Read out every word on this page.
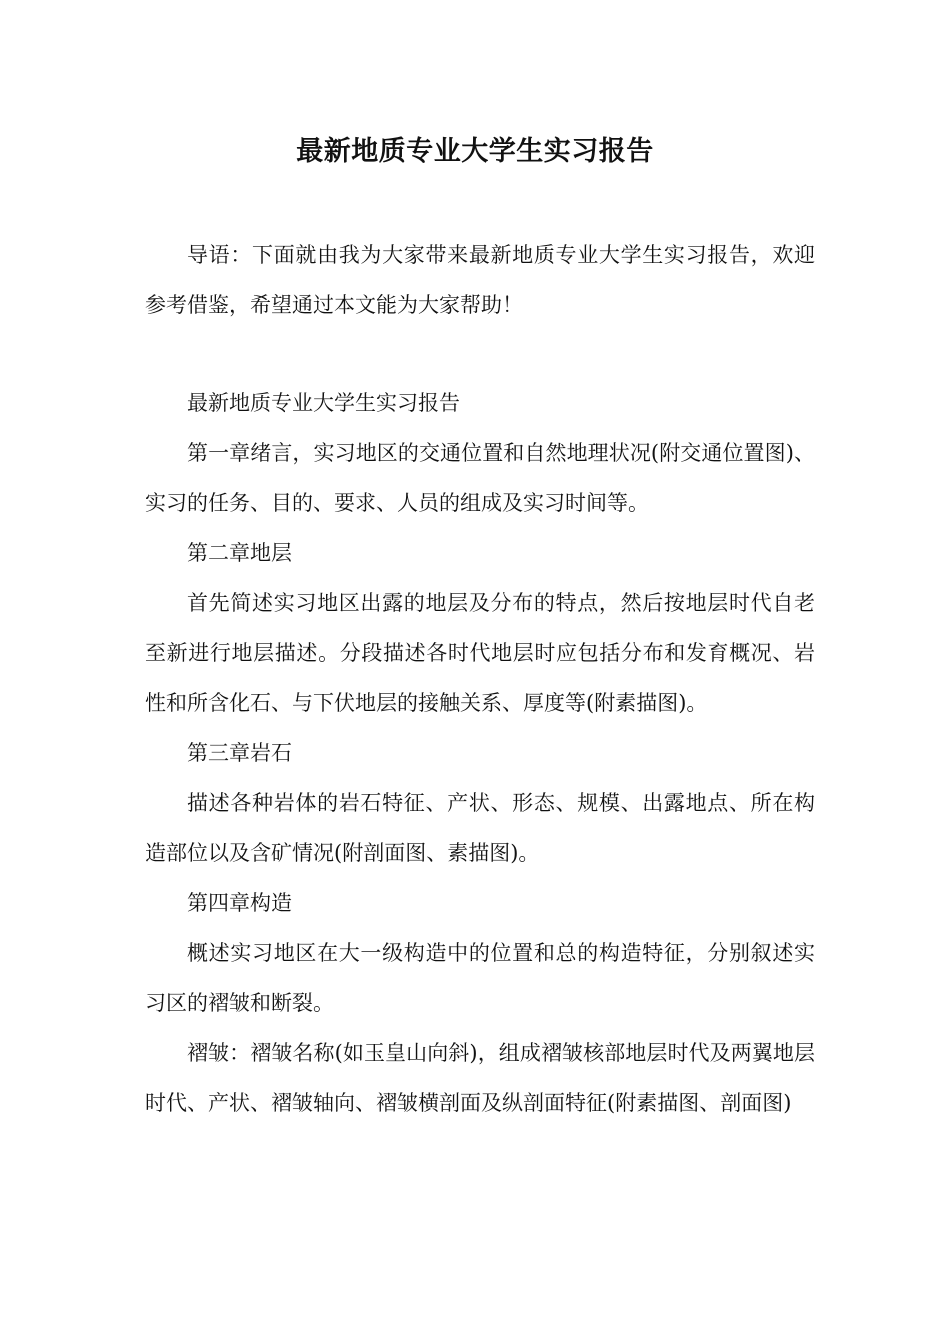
最新地质专业大学生实习报告

导语：下面就由我为大家带来最新地质专业大学生实习报告，欢迎参考借鉴，希望通过本文能为大家帮助！

最新地质专业大学生实习报告

第一章绪言，实习地区的交通位置和自然地理状况(附交通位置图)、实习的任务、目的、要求、人员的组成及实习时间等。

第二章地层

首先简述实习地区出露的地层及分布的特点，然后按地层时代自老至新进行地层描述。分段描述各时代地层时应包括分布和发育概况、岩性和所含化石、与下伏地层的接触关系、厚度等(附素描图)。

第三章岩石

描述各种岩体的岩石特征、产状、形态、规模、出露地点、所在构造部位以及含矿情况(附剖面图、素描图)。

第四章构造

概述实习地区在大一级构造中的位置和总的构造特征，分别叙述实习区的褶皱和断裂。

褶皱：褶皱名称(如玉皇山向斜)，组成褶皱核部地层时代及两翼地层时代、产状、褶皱轴向、褶皱横剖面及纵剖面特征(附素描图、剖面图)
